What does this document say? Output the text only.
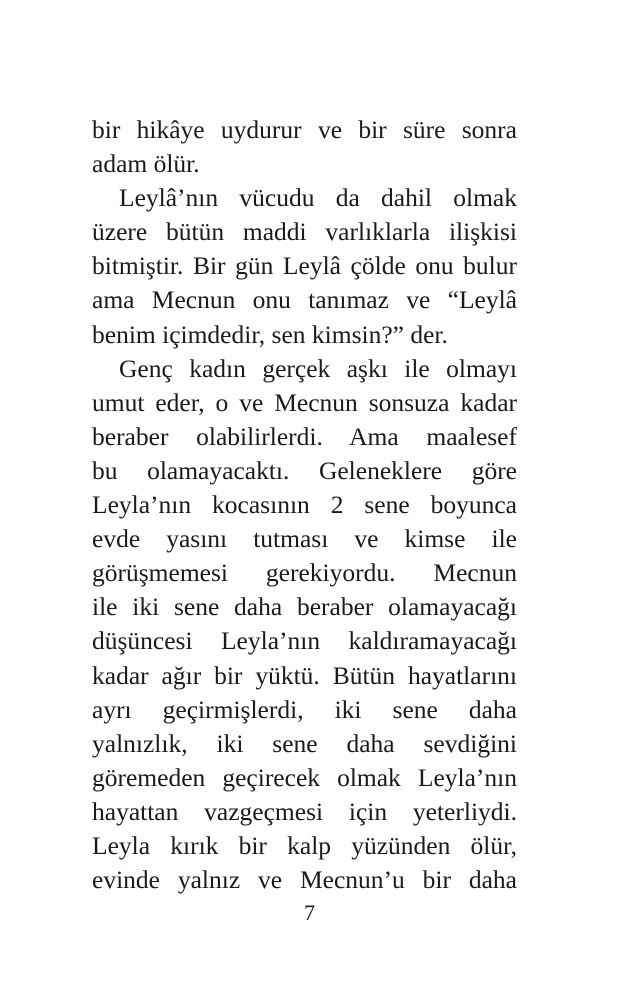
bir hikâye uydurur ve bir süre sonra
adam ölür.
Leylâ’nın vücudu da dahil olmak
üzere bütün maddi varlıklarla ilişkisi
bitmiştir. Bir gün Leylâ çölde onu bulur
ama Mecnun onu tanımaz ve “Leylâ
benim içimdedir, sen kimsin?” der.
Genç kadın gerçek aşkı ile olmayı
umut eder, o ve Mecnun sonsuza kadar
beraber olabilirlerdi. Ama maalesef
bu olamayacaktı. Geleneklere göre
Leyla’nın kocasının 2 sene boyunca
evde yasını tutması ve kimse ile
görüşmemesi gerekiyordu. Mecnun
ile iki sene daha beraber olamayacağı
düşüncesi Leyla’nın kaldıramayacağı
kadar ağır bir yüktü. Bütün hayatlarını
ayrı geçirmişlerdi, iki sene daha
yalnızlık, iki sene daha sevdiğini
göremeden geçirecek olmak Leyla’nın
hayattan vazgeçmesi için yeterliydi.
Leyla kırık bir kalp yüzünden ölür,
evinde yalnız ve Mecnun’u bir daha
7
